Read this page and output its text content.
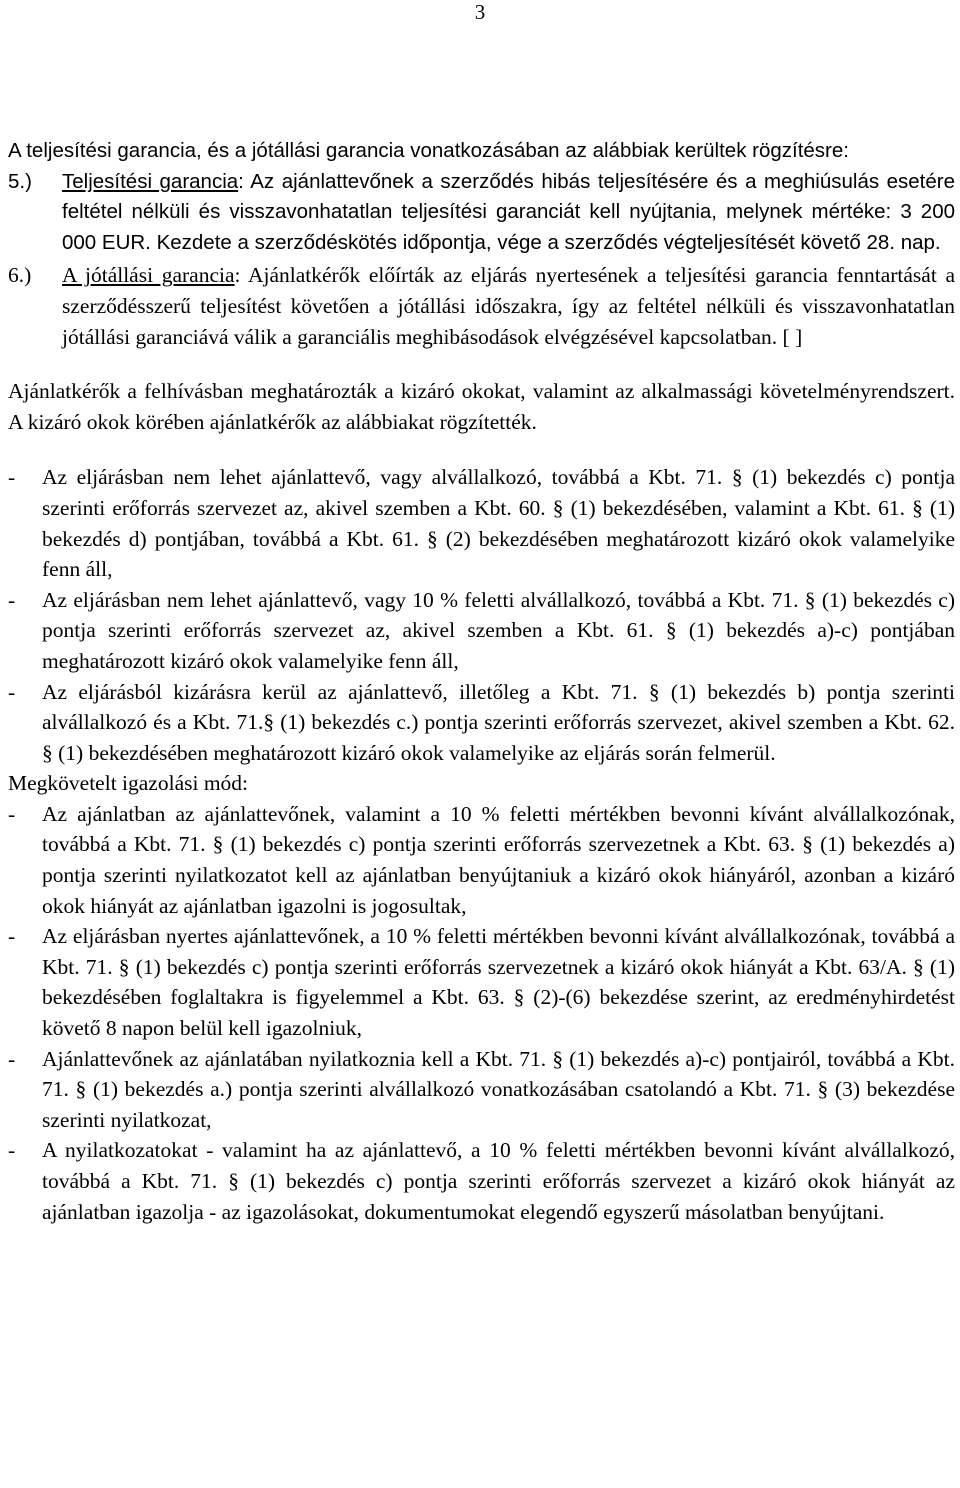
3

A teljesítési garancia, és a jótállási garancia vonatkozásában az alábbiak kerültek rögzítésre:

5.)	Teljesítési garancia: Az ajánlattevőnek a szerződés hibás teljesítésére és a meghiúsulás esetére feltétel nélküli és visszavonhatatlan teljesítési garanciát kell nyújtania, melynek mértéke: 3 200 000 EUR. Kezdete a szerződéskötés időpontja, vége a szerződés végteljesítését követő 28. nap.
6.)	A jótállási garancia: Ajánlatkérők előírták az eljárás nyertesének a teljesítési garancia fenntartását a szerződésszerű teljesítést követően a jótállási időszakra, így az feltétel nélküli és visszavonhatatlan jótállási garanciává válik a garanciális meghibásodások elvégzésével kapcsolatban. [ ]

Ajánlatkérők a felhívásban meghatározták a kizáró okokat, valamint az alkalmassági követelményrendszert. A kizáró okok körében ajánlatkérők az alábbiakat rögzítették.

-	Az eljárásban nem lehet ajánlattevő, vagy alvállalkozó, továbbá a Kbt. 71. § (1) bekezdés c) pontja szerinti erőforrás szervezet az, akivel szemben a Kbt. 60. § (1) bekezdésében, valamint a Kbt. 61. § (1) bekezdés d) pontjában, továbbá a Kbt. 61. § (2) bekezdésében meghatározott kizáró okok valamelyike fenn áll,
-	Az eljárásban nem lehet ajánlattevő, vagy 10 % feletti alvállalkozó, továbbá a Kbt. 71. § (1) bekezdés c) pontja szerinti erőforrás szervezet az, akivel szemben a Kbt. 61. § (1) bekezdés a)-c) pontjában meghatározott kizáró okok valamelyike fenn áll,
-	Az eljárásból kizárásra kerül az ajánlattevő, illetőleg a Kbt. 71. § (1) bekezdés b) pontja szerinti alvállalkozó és a Kbt. 71.§ (1) bekezdés c.) pontja szerinti erőforrás szervezet, akivel szemben a Kbt. 62. § (1) bekezdésében meghatározott kizáró okok valamelyike az eljárás során felmerül.

Megkövetelt igazolási mód:

-	Az ajánlatban az ajánlattevőnek, valamint a 10 % feletti mértékben bevonni kívánt alvállalkozónak, továbbá a Kbt. 71. § (1) bekezdés c) pontja szerinti erőforrás szervezetnek a Kbt. 63. § (1) bekezdés a) pontja szerinti nyilatkozatot kell az ajánlatban benyújtaniuk a kizáró okok hiányáról, azonban a kizáró okok hiányát az ajánlatban igazolni is jogosultak,
-	Az eljárásban nyertes ajánlattevőnek, a 10 % feletti mértékben bevonni kívánt alvállalkozónak, továbbá a Kbt. 71. § (1) bekezdés c) pontja szerinti erőforrás szervezetnek a kizáró okok hiányát a Kbt. 63/A. § (1) bekezdésében foglaltakra is figyelemmel a Kbt. 63. § (2)-(6) bekezdése szerint, az eredményhirdetést követő 8 napon belül kell igazolniuk,
-	Ajánlattevőnek az ajánlatában nyilatkoznia kell a Kbt. 71. § (1) bekezdés a)-c) pontjairól, továbbá a Kbt. 71. § (1) bekezdés a.) pontja szerinti alvállalkozó vonatkozásában csatolandó a Kbt. 71. § (3) bekezdése szerinti nyilatkozat,
-	A nyilatkozatokat - valamint ha az ajánlattevő, a 10 % feletti mértékben bevonni kívánt alvállalkozó, továbbá a Kbt. 71. § (1) bekezdés c) pontja szerinti erőforrás szervezet a kizáró okok hiányát az ajánlatban igazolja - az igazolásokat, dokumentumokat elegendő egyszerű másolatban benyújtani.
